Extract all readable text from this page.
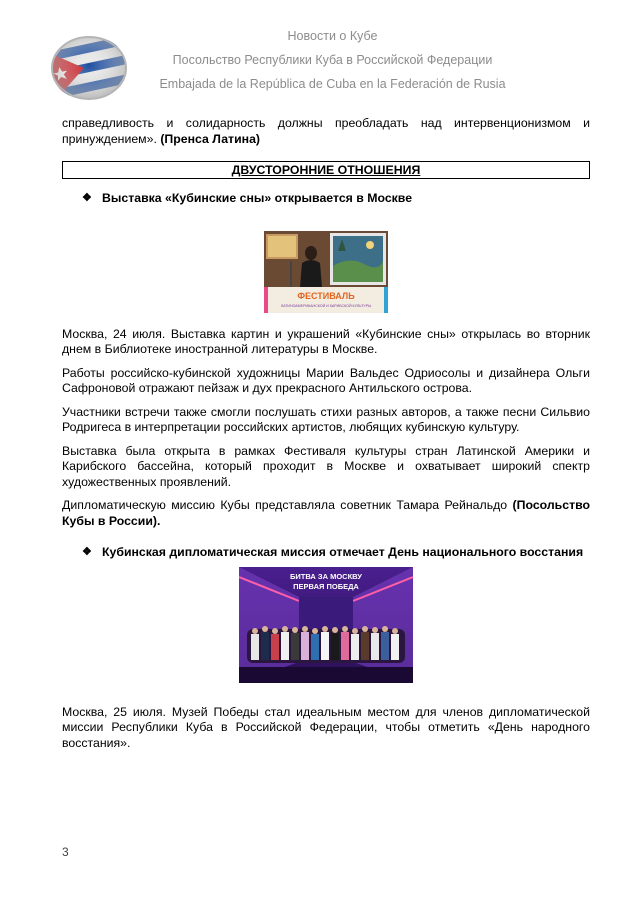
Новости о Кубе
Посольство Республики Куба в Российской Федерации
Embajada de la República de Cuba en la Federación de Rusia

справедливость и солидарность должны преобладать над интервенционизмом и принуждением». (Пренса Латина)

ДВУСТОРОННИЕ ОТНОШЕНИЯ
❖ Выставка «Кубинские сны» открывается в Москве
ФЕСТИВАЛЬ
ЛАТИНОАМЕРИКАНСКОЙ И КАРИБСКОЙ КУЛЬТУРЫ

Москва, 24 июля. Выставка картин и украшений «Кубинские сны» открылась во вторник днем в Библиотеке иностранной литературы в Москве.

Работы российско-кубинской художницы Марии Вальдес Одриосолы и дизайнера Ольги Сафроновой отражают пейзаж и дух прекрасного Антильского острова.

Участники встречи также смогли послушать стихи разных авторов, а также песни Сильвио Родригеса в интерпретации российских артистов, любящих кубинскую культуру.

Выставка была открыта в рамках Фестиваля культуры стран Латинской Америки и Карибского бассейна, который проходит в Москве и охватывает широкий спектр художественных проявлений.

Дипломатическую миссию Кубы представляла советник Тамара Рейнальдо (Посольство Кубы в России).

❖ Кубинская дипломатическая миссия отмечает День национального восстания
БИТВА ЗА МОСКВУ
ПЕРВАЯ ПОБЕДА

Москва, 25 июля. Музей Победы стал идеальным местом для членов дипломатической миссии Республики Куба в Российской Федерации, чтобы отметить «День народного восстания».

3
